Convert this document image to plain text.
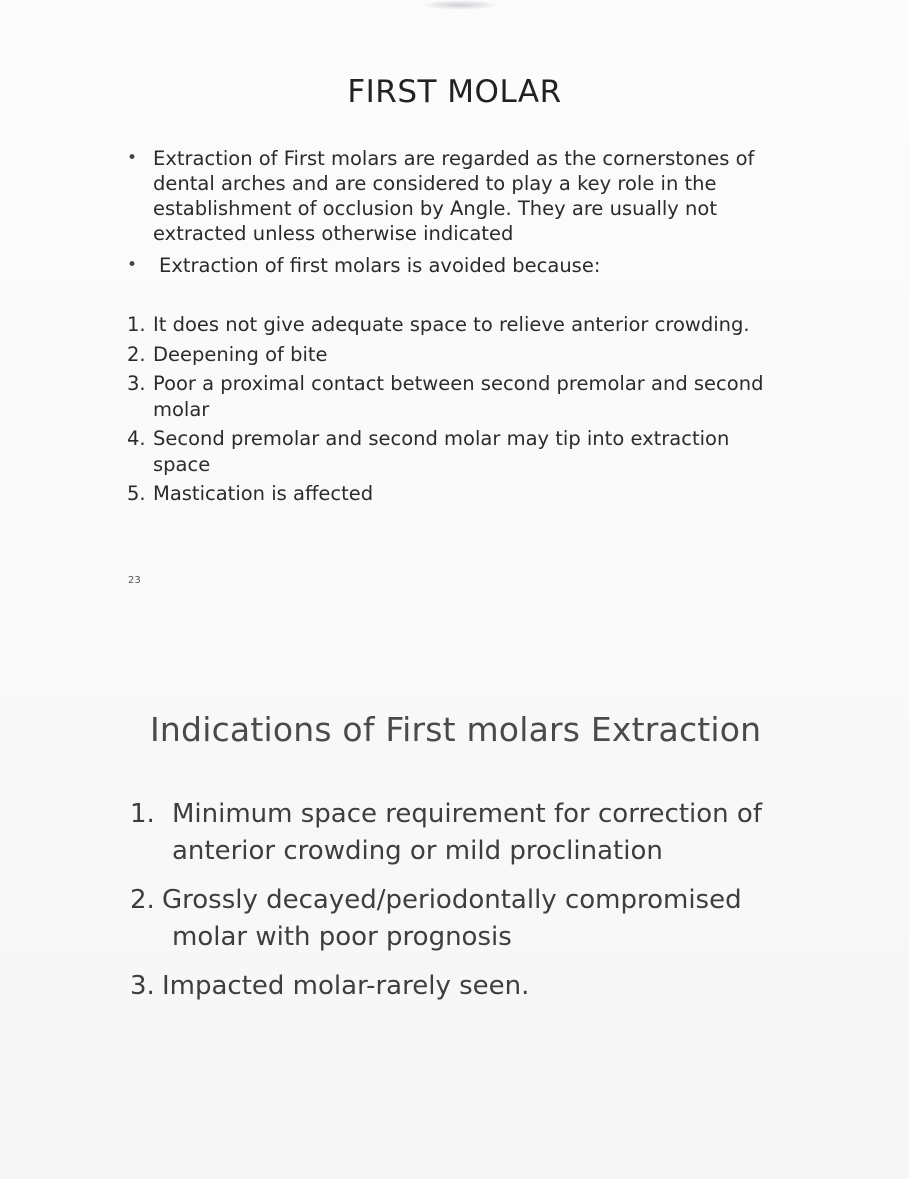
FIRST MOLAR
• Extraction of First molars are regarded as the cornerstones of dental arches and are considered to play a key role in the establishment of occlusion by Angle. They are usually not extracted unless otherwise indicated
• Extraction of first molars is avoided because:
1. It does not give adequate space to relieve anterior crowding.
2. Deepening of bite
3. Poor a proximal contact between second premolar and second molar
4. Second premolar and second molar may tip into extraction space
5. Mastication is affected
23
Indications of First molars Extraction
1. Minimum space requirement for correction of anterior crowding or mild proclination
2. Grossly decayed/periodontally compromised
molar with poor prognosis
3. Impacted molar-rarely seen.
